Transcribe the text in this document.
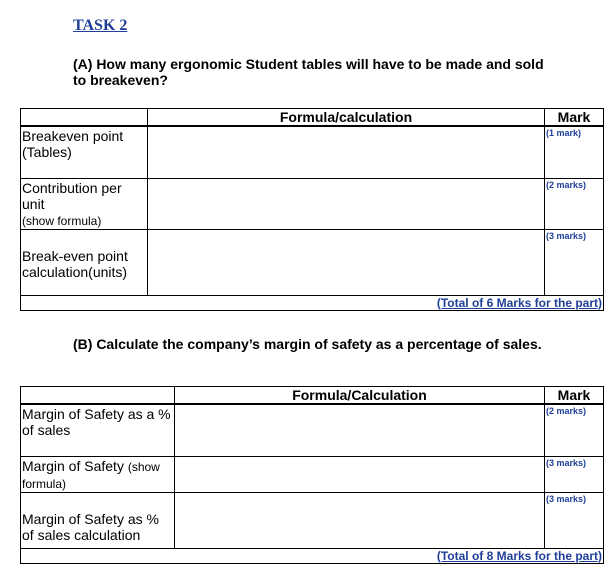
TASK 2
(A) How many ergonomic Student tables will have to be made and sold to breakeven?
	Formula/calculation	Mark
Breakeven point (Tables)		(1 mark)
Contribution per unit
(show formula)		(2 marks)
Break-even point calculation(units)		(3 marks)
(Total of 6 Marks for the part)		
(B) Calculate the company’s margin of safety as a percentage of sales.
	Formula/Calculation	Mark
Margin of Safety as a % of sales		(2 marks)
Margin of Safety (show formula)		(3 marks)
Margin of Safety as % of sales calculation		(3 marks)
(Total of 8 Marks for the part)		
